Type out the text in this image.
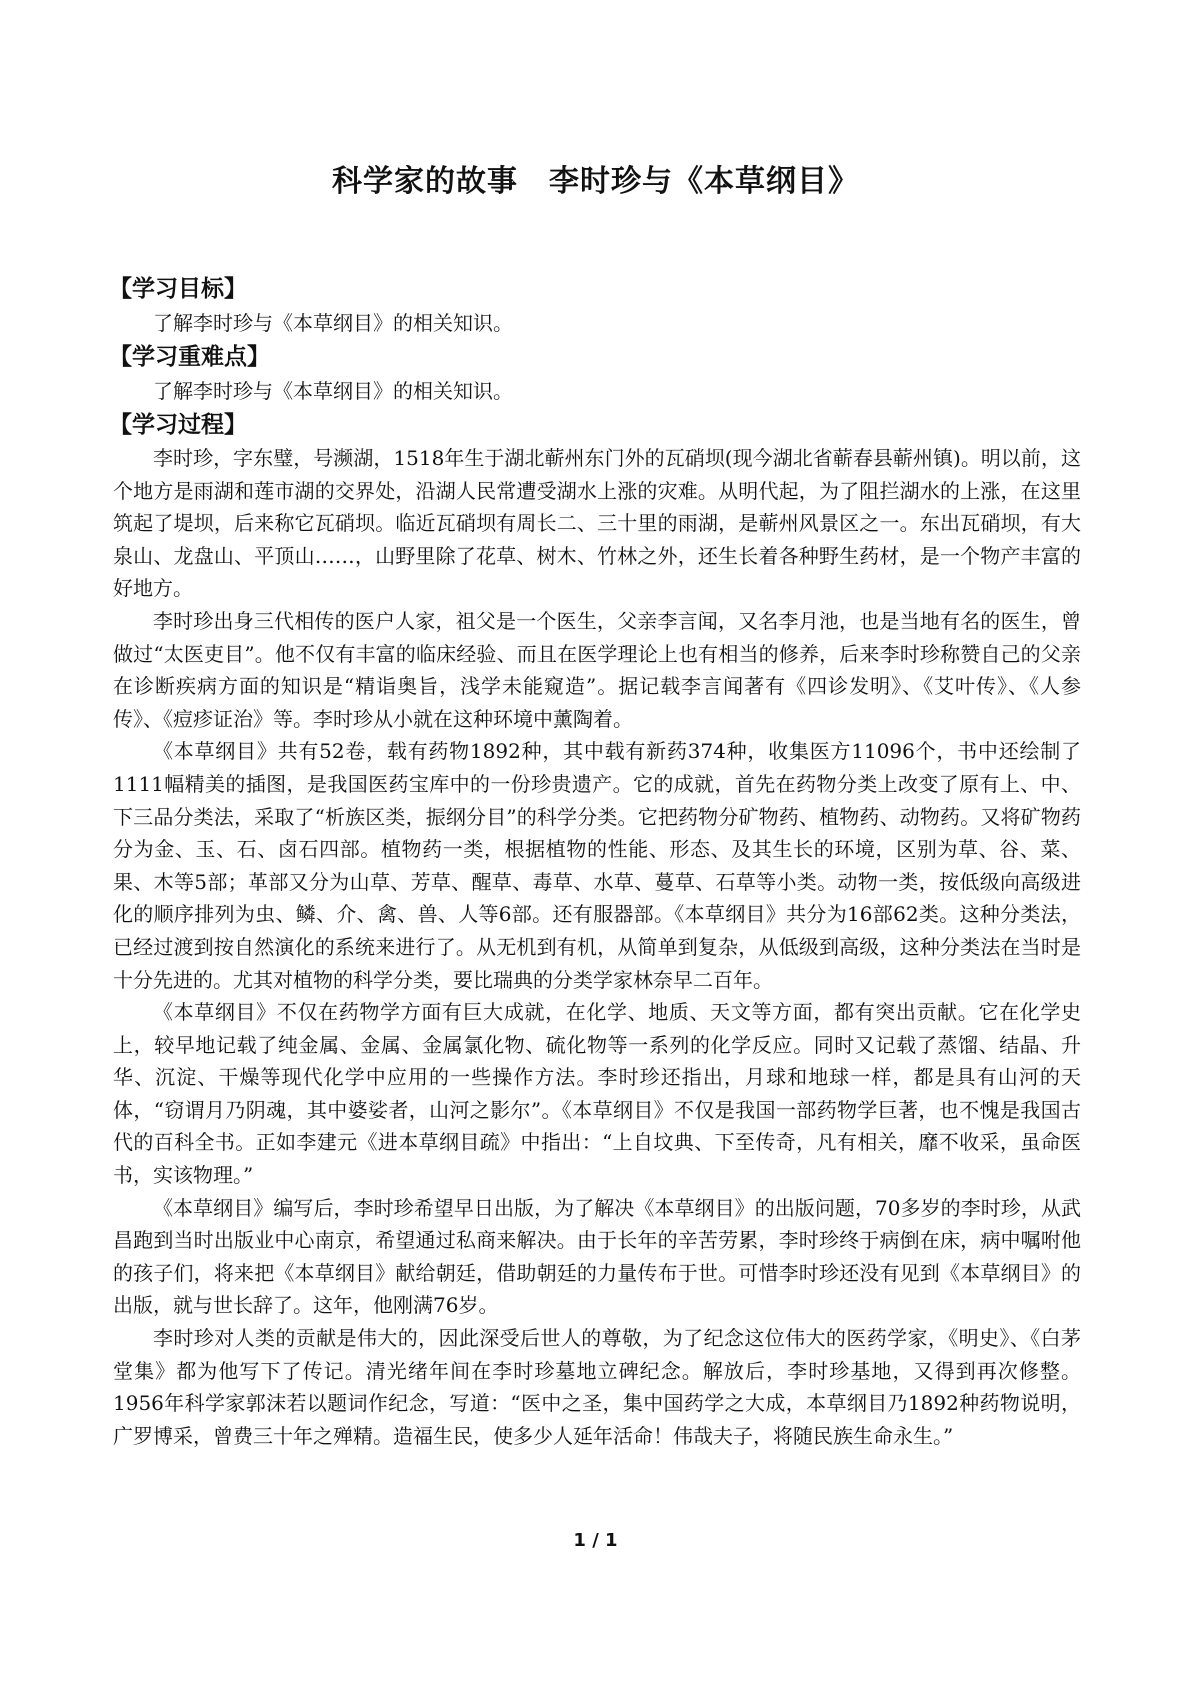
科学家的故事　李时珍与《本草纲目》

【学习目标】

了解李时珍与《本草纲目》的相关知识。

【学习重难点】

了解李时珍与《本草纲目》的相关知识。

【学习过程】

李时珍，字东璧，号濒湖，1518年生于湖北蕲州东门外的瓦硝坝(现今湖北省蕲春县蕲州镇)。明以前，这个地方是雨湖和莲市湖的交界处，沿湖人民常遭受湖水上涨的灾难。从明代起，为了阻拦湖水的上涨，在这里筑起了堤坝，后来称它瓦硝坝。临近瓦硝坝有周长二、三十里的雨湖，是蕲州风景区之一。东出瓦硝坝，有大泉山、龙盘山、平顶山……，山野里除了花草、树木、竹林之外，还生长着各种野生药材，是一个物产丰富的好地方。

李时珍出身三代相传的医户人家，祖父是一个医生，父亲李言闻，又名李月池，也是当地有名的医生，曾做过“太医吏目”。他不仅有丰富的临床经验、而且在医学理论上也有相当的修养，后来李时珍称赞自己的父亲在诊断疾病方面的知识是“精诣奥旨，浅学未能窥造”。据记载李言闻著有《四诊发明》、《艾叶传》、《人参传》、《痘疹证治》等。李时珍从小就在这种环境中薰陶着。

《本草纲目》共有52卷，载有药物1892种，其中载有新药374种，收集医方11096个，书中还绘制了1111幅精美的插图，是我国医药宝库中的一份珍贵遗产。它的成就，首先在药物分类上改变了原有上、中、下三品分类法，采取了“析族区类，振纲分目”的科学分类。它把药物分矿物药、植物药、动物药。又将矿物药分为金、玉、石、卤石四部。植物药一类，根据植物的性能、形态、及其生长的环境，区别为草、谷、菜、果、木等5部；革部又分为山草、芳草、醒草、毒草、水草、蔓草、石草等小类。动物一类，按低级向高级进化的顺序排列为虫、鳞、介、禽、兽、人等6部。还有服器部。《本草纲目》共分为16部62类。这种分类法，已经过渡到按自然演化的系统来进行了。从无机到有机，从简单到复杂，从低级到高级，这种分类法在当时是十分先进的。尤其对植物的科学分类，要比瑞典的分类学家林奈早二百年。

《本草纲目》不仅在药物学方面有巨大成就，在化学、地质、天文等方面，都有突出贡献。它在化学史上，较早地记载了纯金属、金属、金属氯化物、硫化物等一系列的化学反应。同时又记载了蒸馏、结晶、升华、沉淀、干燥等现代化学中应用的一些操作方法。李时珍还指出，月球和地球一样，都是具有山河的天体，“窃谓月乃阴魂，其中婆娑者，山河之影尔”。《本草纲目》不仅是我国一部药物学巨著，也不愧是我国古代的百科全书。正如李建元《进本草纲目疏》中指出：“上自坟典、下至传奇，凡有相关，靡不收采，虽命医书，实该物理。”

《本草纲目》编写后，李时珍希望早日出版，为了解决《本草纲目》的出版问题，70多岁的李时珍，从武昌跑到当时出版业中心南京，希望通过私商来解决。由于长年的辛苦劳累，李时珍终于病倒在床，病中嘱咐他的孩子们，将来把《本草纲目》献给朝廷，借助朝廷的力量传布于世。可惜李时珍还没有见到《本草纲目》的出版，就与世长辞了。这年，他刚满76岁。

李时珍对人类的贡献是伟大的，因此深受后世人的尊敬，为了纪念这位伟大的医药学家，《明史》、《白茅堂集》都为他写下了传记。清光绪年间在李时珍墓地立碑纪念。解放后，李时珍基地，又得到再次修整。1956年科学家郭沫若以题词作纪念，写道：“医中之圣，集中国药学之大成，本草纲目乃1892种药物说明，广罗博采，曾费三十年之殚精。造福生民，使多少人延年活命！伟哉夫子，将随民族生命永生。”

1 / 1
